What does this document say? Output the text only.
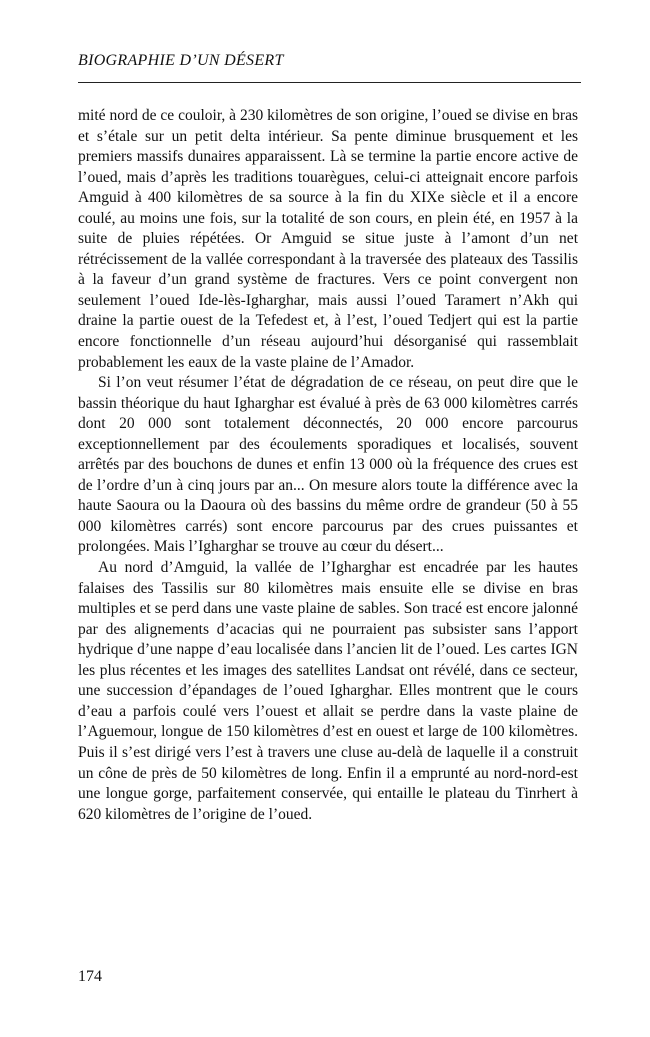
BIOGRAPHIE D’UN DÉSERT

mité nord de ce couloir, à 230 kilomètres de son origine, l’oued se divise en bras et s’étale sur un petit delta intérieur. Sa pente diminue brusquement et les premiers massifs dunaires apparaissent. Là se termine la partie encore active de l’oued, mais d’après les traditions touarègues, celui-ci atteignait encore parfois Amguid à 400 kilomètres de sa source à la fin du XIXe siècle et il a encore coulé, au moins une fois, sur la totalité de son cours, en plein été, en 1957 à la suite de pluies répétées. Or Amguid se situe juste à l’amont d’un net rétrécissement de la vallée correspondant à la traversée des plateaux des Tassilis à la faveur d’un grand système de fractures. Vers ce point convergent non seulement l’oued Ide-lès-Igharghar, mais aussi l’oued Taramert n’Akh qui draine la partie ouest de la Tefedest et, à l’est, l’oued Tedjert qui est la partie encore fonctionnelle d’un réseau aujourd’hui désorganisé qui rassemblait probablement les eaux de la vaste plaine de l’Amador.

Si l’on veut résumer l’état de dégradation de ce réseau, on peut dire que le bassin théorique du haut Igharghar est évalué à près de 63 000 kilomètres carrés dont 20 000 sont totalement déconnectés, 20 000 encore parcourus exceptionnellement par des écoulements sporadiques et localisés, souvent arrêtés par des bouchons de dunes et enfin 13 000 où la fréquence des crues est de l’ordre d’un à cinq jours par an... On mesure alors toute la différence avec la haute Saoura ou la Daoura où des bassins du même ordre de grandeur (50 à 55 000 kilomètres carrés) sont encore parcourus par des crues puissantes et prolongées. Mais l’Igharghar se trouve au cœur du désert...

Au nord d’Amguid, la vallée de l’Igharghar est encadrée par les hautes falaises des Tassilis sur 80 kilomètres mais ensuite elle se divise en bras multiples et se perd dans une vaste plaine de sables. Son tracé est encore jalonné par des alignements d’acacias qui ne pourraient pas subsister sans l’apport hydrique d’une nappe d’eau localisée dans l’ancien lit de l’oued. Les cartes IGN les plus récentes et les images des satellites Landsat ont révélé, dans ce secteur, une succession d’épandages de l’oued Igharghar. Elles montrent que le cours d’eau a parfois coulé vers l’ouest et allait se perdre dans la vaste plaine de l’Aguemour, longue de 150 kilomètres d’est en ouest et large de 100 kilomètres. Puis il s’est dirigé vers l’est à travers une cluse au-delà de laquelle il a construit un cône de près de 50 kilomètres de long. Enfin il a emprunté au nord-nord-est une longue gorge, parfaitement conservée, qui entaille le plateau du Tinrhert à 620 kilomètres de l’origine de l’oued.

174
